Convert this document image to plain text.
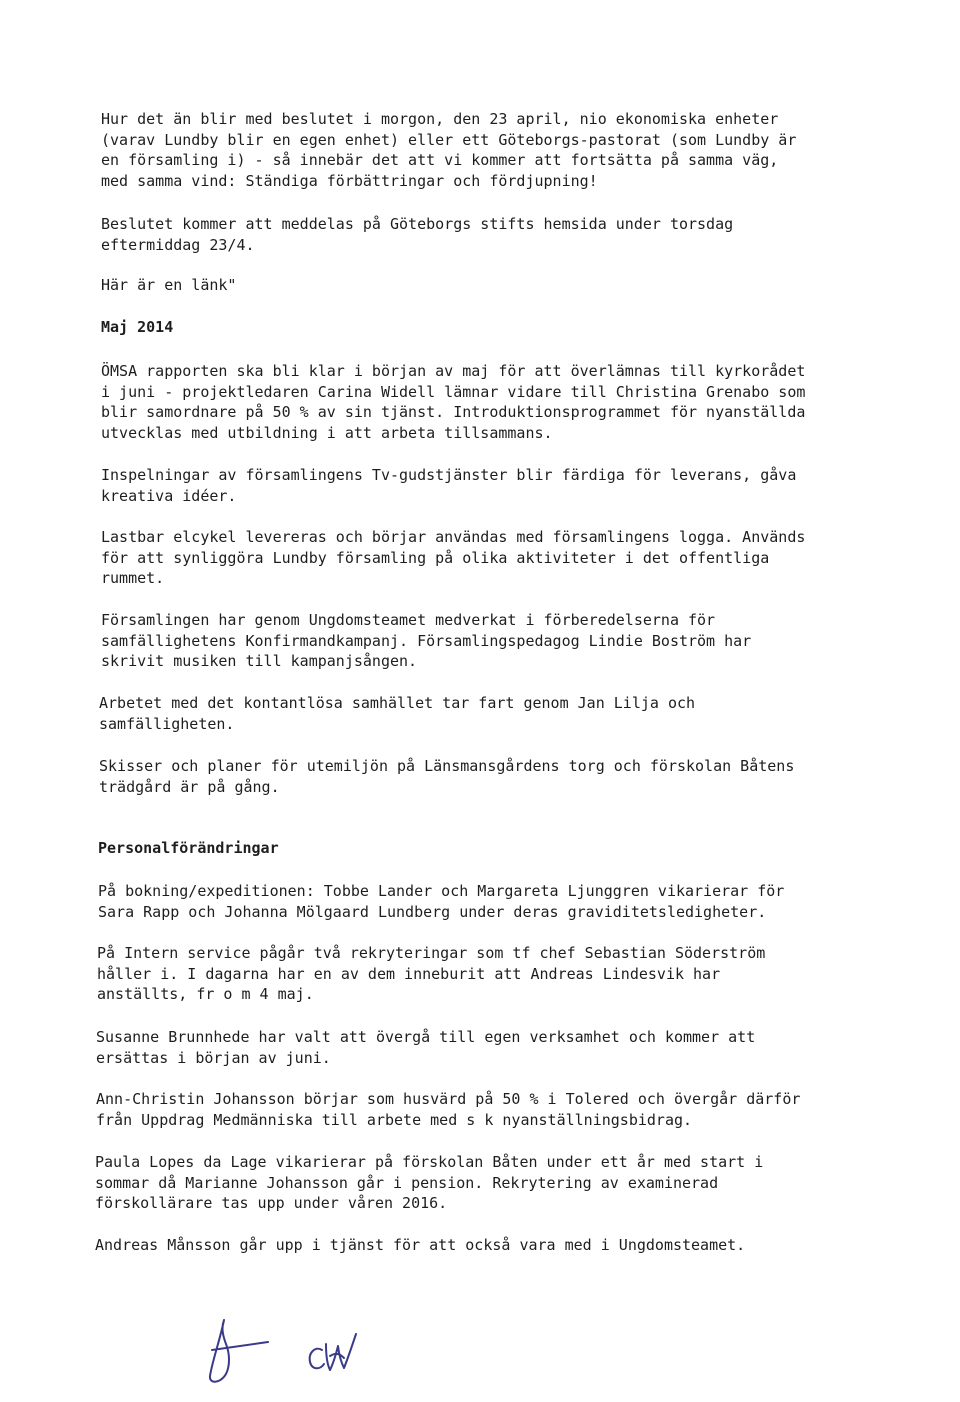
Hur det än blir med beslutet i morgon, den 23 april, nio ekonomiska enheter
(varav Lundby blir en egen enhet) eller ett Göteborgs-pastorat (som Lundby är
en församling i) - så innebär det att vi kommer att fortsätta på samma väg,
med samma vind: Ständiga förbättringar och fördjupning!

Beslutet kommer att meddelas på Göteborgs stifts hemsida under torsdag
eftermiddag 23/4.

Här är en länk"

Maj 2014

ÖMSA rapporten ska bli klar i början av maj för att överlämnas till kyrkorådet
i juni - projektledaren Carina Widell lämnar vidare till Christina Grenabo som
blir samordnare på 50 % av sin tjänst. Introduktionsprogrammet för nyanställda
utvecklas med utbildning i att arbeta tillsammans.

Inspelningar av församlingens Tv-gudstjänster blir färdiga för leverans, gåva
kreativa idéer.

Lastbar elcykel levereras och börjar användas med församlingens logga. Används
för att synliggöra Lundby församling på olika aktiviteter i det offentliga
rummet.

Församlingen har genom Ungdomsteamet medverkat i förberedelserna för
samfällighetens Konfirmandkampanj. Församlingspedagog Lindie Boström har
skrivit musiken till kampanjsången.

Arbetet med det kontantlösa samhället tar fart genom Jan Lilja och
samfälligheten.

Skisser och planer för utemiljön på Länsmansgårdens torg och förskolan Båtens
trädgård är på gång.

Personalförändringar

På bokning/expeditionen: Tobbe Lander och Margareta Ljunggren vikarierar för
Sara Rapp och Johanna Mölgaard Lundberg under deras graviditetsledigheter.

På Intern service pågår två rekryteringar som tf chef Sebastian Söderström
håller i. I dagarna har en av dem inneburit att Andreas Lindesvik har
anställts, fr o m 4 maj.

Susanne Brunnhede har valt att övergå till egen verksamhet och kommer att
ersättas i början av juni.

Ann-Christin Johansson börjar som husvärd på 50 % i Tolered och övergår därför
från Uppdrag Medmänniska till arbete med s k nyanställningsbidrag.

Paula Lopes da Lage vikarierar på förskolan Båten under ett år med start i
sommar då Marianne Johansson går i pension. Rekrytering av examinerad
förskollärare tas upp under våren 2016.

Andreas Månsson går upp i tjänst för att också vara med i Ungdomsteamet.
